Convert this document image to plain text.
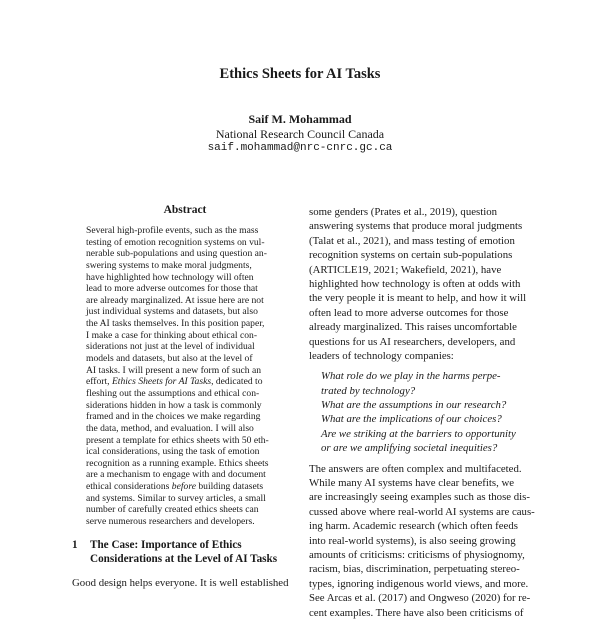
Ethics Sheets for AI Tasks
Saif M. Mohammad
National Research Council Canada
saif.mohammad@nrc-cnrc.gc.ca
Abstract
Several high-profile events, such as the mass
testing of emotion recognition systems on vul-
nerable sub-populations and using question an-
swering systems to make moral judgments,
have highlighted how technology will often
lead to more adverse outcomes for those that
are already marginalized. At issue here are not
just individual systems and datasets, but also
the AI tasks themselves. In this position paper,
I make a case for thinking about ethical con-
siderations not just at the level of individual
models and datasets, but also at the level of
AI tasks. I will present a new form of such an
effort, Ethics Sheets for AI Tasks, dedicated to
fleshing out the assumptions and ethical con-
siderations hidden in how a task is commonly
framed and in the choices we make regarding
the data, method, and evaluation. I will also
present a template for ethics sheets with 50 eth-
ical considerations, using the task of emotion
recognition as a running example. Ethics sheets
are a mechanism to engage with and document
ethical considerations before building datasets
and systems. Similar to survey articles, a small
number of carefully created ethics sheets can
serve numerous researchers and developers.
1	The Case: Importance of Ethics
Considerations at the Level of AI Tasks
Good design helps everyone. It is well established
some genders (Prates et al., 2019), question
answering systems that produce moral judgments
(Talat et al., 2021), and mass testing of emotion
recognition systems on certain sub-populations
(ARTICLE19, 2021; Wakefield, 2021), have
highlighted how technology is often at odds with
the very people it is meant to help, and how it will
often lead to more adverse outcomes for those
already marginalized. This raises uncomfortable
questions for us AI researchers, developers, and
leaders of technology companies:
What role do we play in the harms perpe-
trated by technology?
What are the assumptions in our research?
What are the implications of our choices?
Are we striking at the barriers to opportunity
or are we amplifying societal inequities?
The answers are often complex and multifaceted.
While many AI systems have clear benefits, we
are increasingly seeing examples such as those dis-
cussed above where real-world AI systems are caus-
ing harm. Academic research (which often feeds
into real-world systems), is also seeing growing
amounts of criticisms: criticisms of physiognomy,
racism, bias, discrimination, perpetuating stereo-
types, ignoring indigenous world views, and more.
See Arcas et al. (2017) and Ongweso (2020) for re-
cent examples. There have also been criticisms of
